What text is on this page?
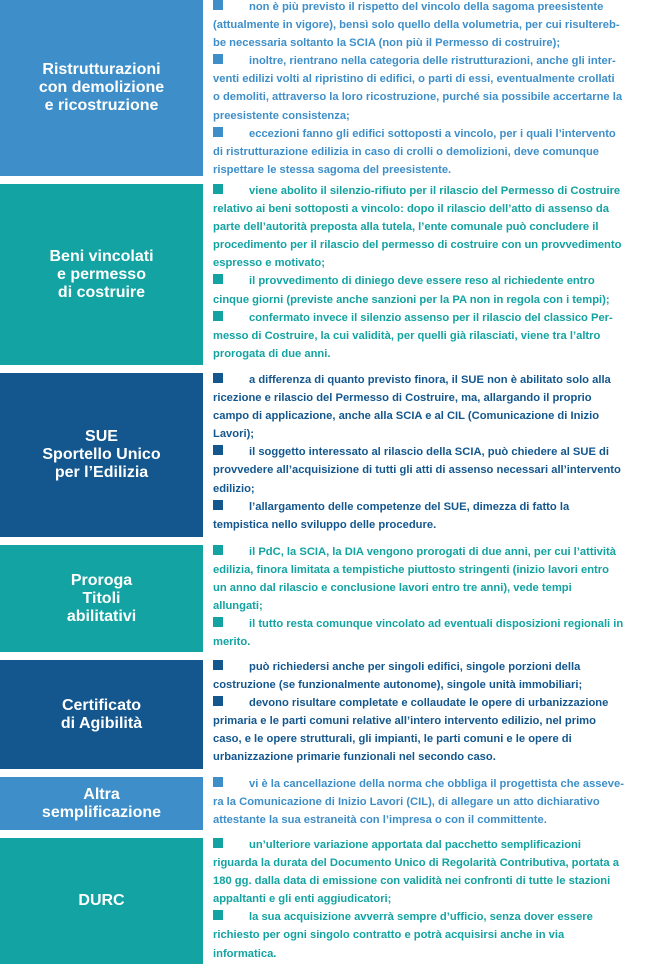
Ristrutturazioni
con demolizione
e ricostruzione

non è più previsto il rispetto del vincolo della sagoma preesistente
(attualmente in vigore), bensì solo quello della volumetria, per cui risultereb-
be necessaria soltanto la SCIA (non più il Permesso di costruire);

inoltre, rientrano nella categoria delle ristrutturazioni, anche gli inter-
venti edilizi volti al ripristino di edifici, o parti di essi, eventualmente crollati
o demoliti, attraverso la loro ricostruzione, purché sia possibile accertarne la
preesistente consistenza;

eccezioni fanno gli edifici sottoposti a vincolo, per i quali l’intervento
di ristrutturazione edilizia in caso di crolli o demolizioni, deve comunque
rispettare le stessa sagoma del preesistente.

Beni vincolati
e permesso
di costruire

viene abolito il silenzio-rifiuto per il rilascio del Permesso di Costruire
relativo ai beni sottoposti a vincolo: dopo il rilascio dell’atto di assenso da
parte dell’autorità preposta alla tutela, l’ente comunale può concludere il
procedimento per il rilascio del permesso di costruire con un provvedimento
espresso e motivato;

il provvedimento di diniego deve essere reso al richiedente entro
cinque giorni (previste anche sanzioni per la PA non in regola con i tempi);

confermato invece il silenzio assenso per il rilascio del classico Per-
messo di Costruire, la cui validità, per quelli già rilasciati, viene tra l’altro
prorogata di due anni.

SUE
Sportello Unico
per l’Edilizia

a differenza di quanto previsto finora, il SUE non è abilitato solo alla
ricezione e rilascio del Permesso di Costruire, ma, allargando il proprio
campo di applicazione, anche alla SCIA e al CIL (Comunicazione di Inizio
Lavori);

il soggetto interessato al rilascio della SCIA, può chiedere al SUE di
provvedere all’acquisizione di tutti gli atti di assenso necessari all’intervento
edilizio;

l’allargamento delle competenze del SUE, dimezza di fatto la
tempistica nello sviluppo delle procedure.

Proroga
Titoli
abilitativi

il PdC, la SCIA, la DIA vengono prorogati di due anni, per cui l’attività
edilizia, finora limitata a tempistiche piuttosto stringenti (inizio lavori entro
un anno dal rilascio e conclusione lavori entro tre anni), vede tempi
allungati;

il tutto resta comunque vincolato ad eventuali disposizioni regionali in
merito.

Certificato
di Agibilità

può richiedersi anche per singoli edifici, singole porzioni della
costruzione (se funzionalmente autonome), singole unità immobiliari;

devono risultare completate e collaudate le opere di urbanizzazione
primaria e le parti comuni relative all’intero intervento edilizio, nel primo
caso, e le opere strutturali, gli impianti, le parti comuni e le opere di
urbanizzazione primarie funzionali nel secondo caso.

Altra
semplificazione

vi è la cancellazione della norma che obbliga il progettista che asseve-
ra la Comunicazione di Inizio Lavori (CIL), di allegare un atto dichiarativo
attestante la sua estraneità con l’impresa o con il committente.

DURC

un’ulteriore variazione apportata dal pacchetto semplificazioni
riguarda la durata del Documento Unico di Regolarità Contributiva, portata a
180 gg. dalla data di emissione con validità nei confronti di tutte le stazioni
appaltanti e gli enti aggiudicatori;

la sua acquisizione avverrà sempre d’ufficio, senza dover essere
richiesto per ogni singolo contratto e potrà acquisirsi anche in via
informatica.
